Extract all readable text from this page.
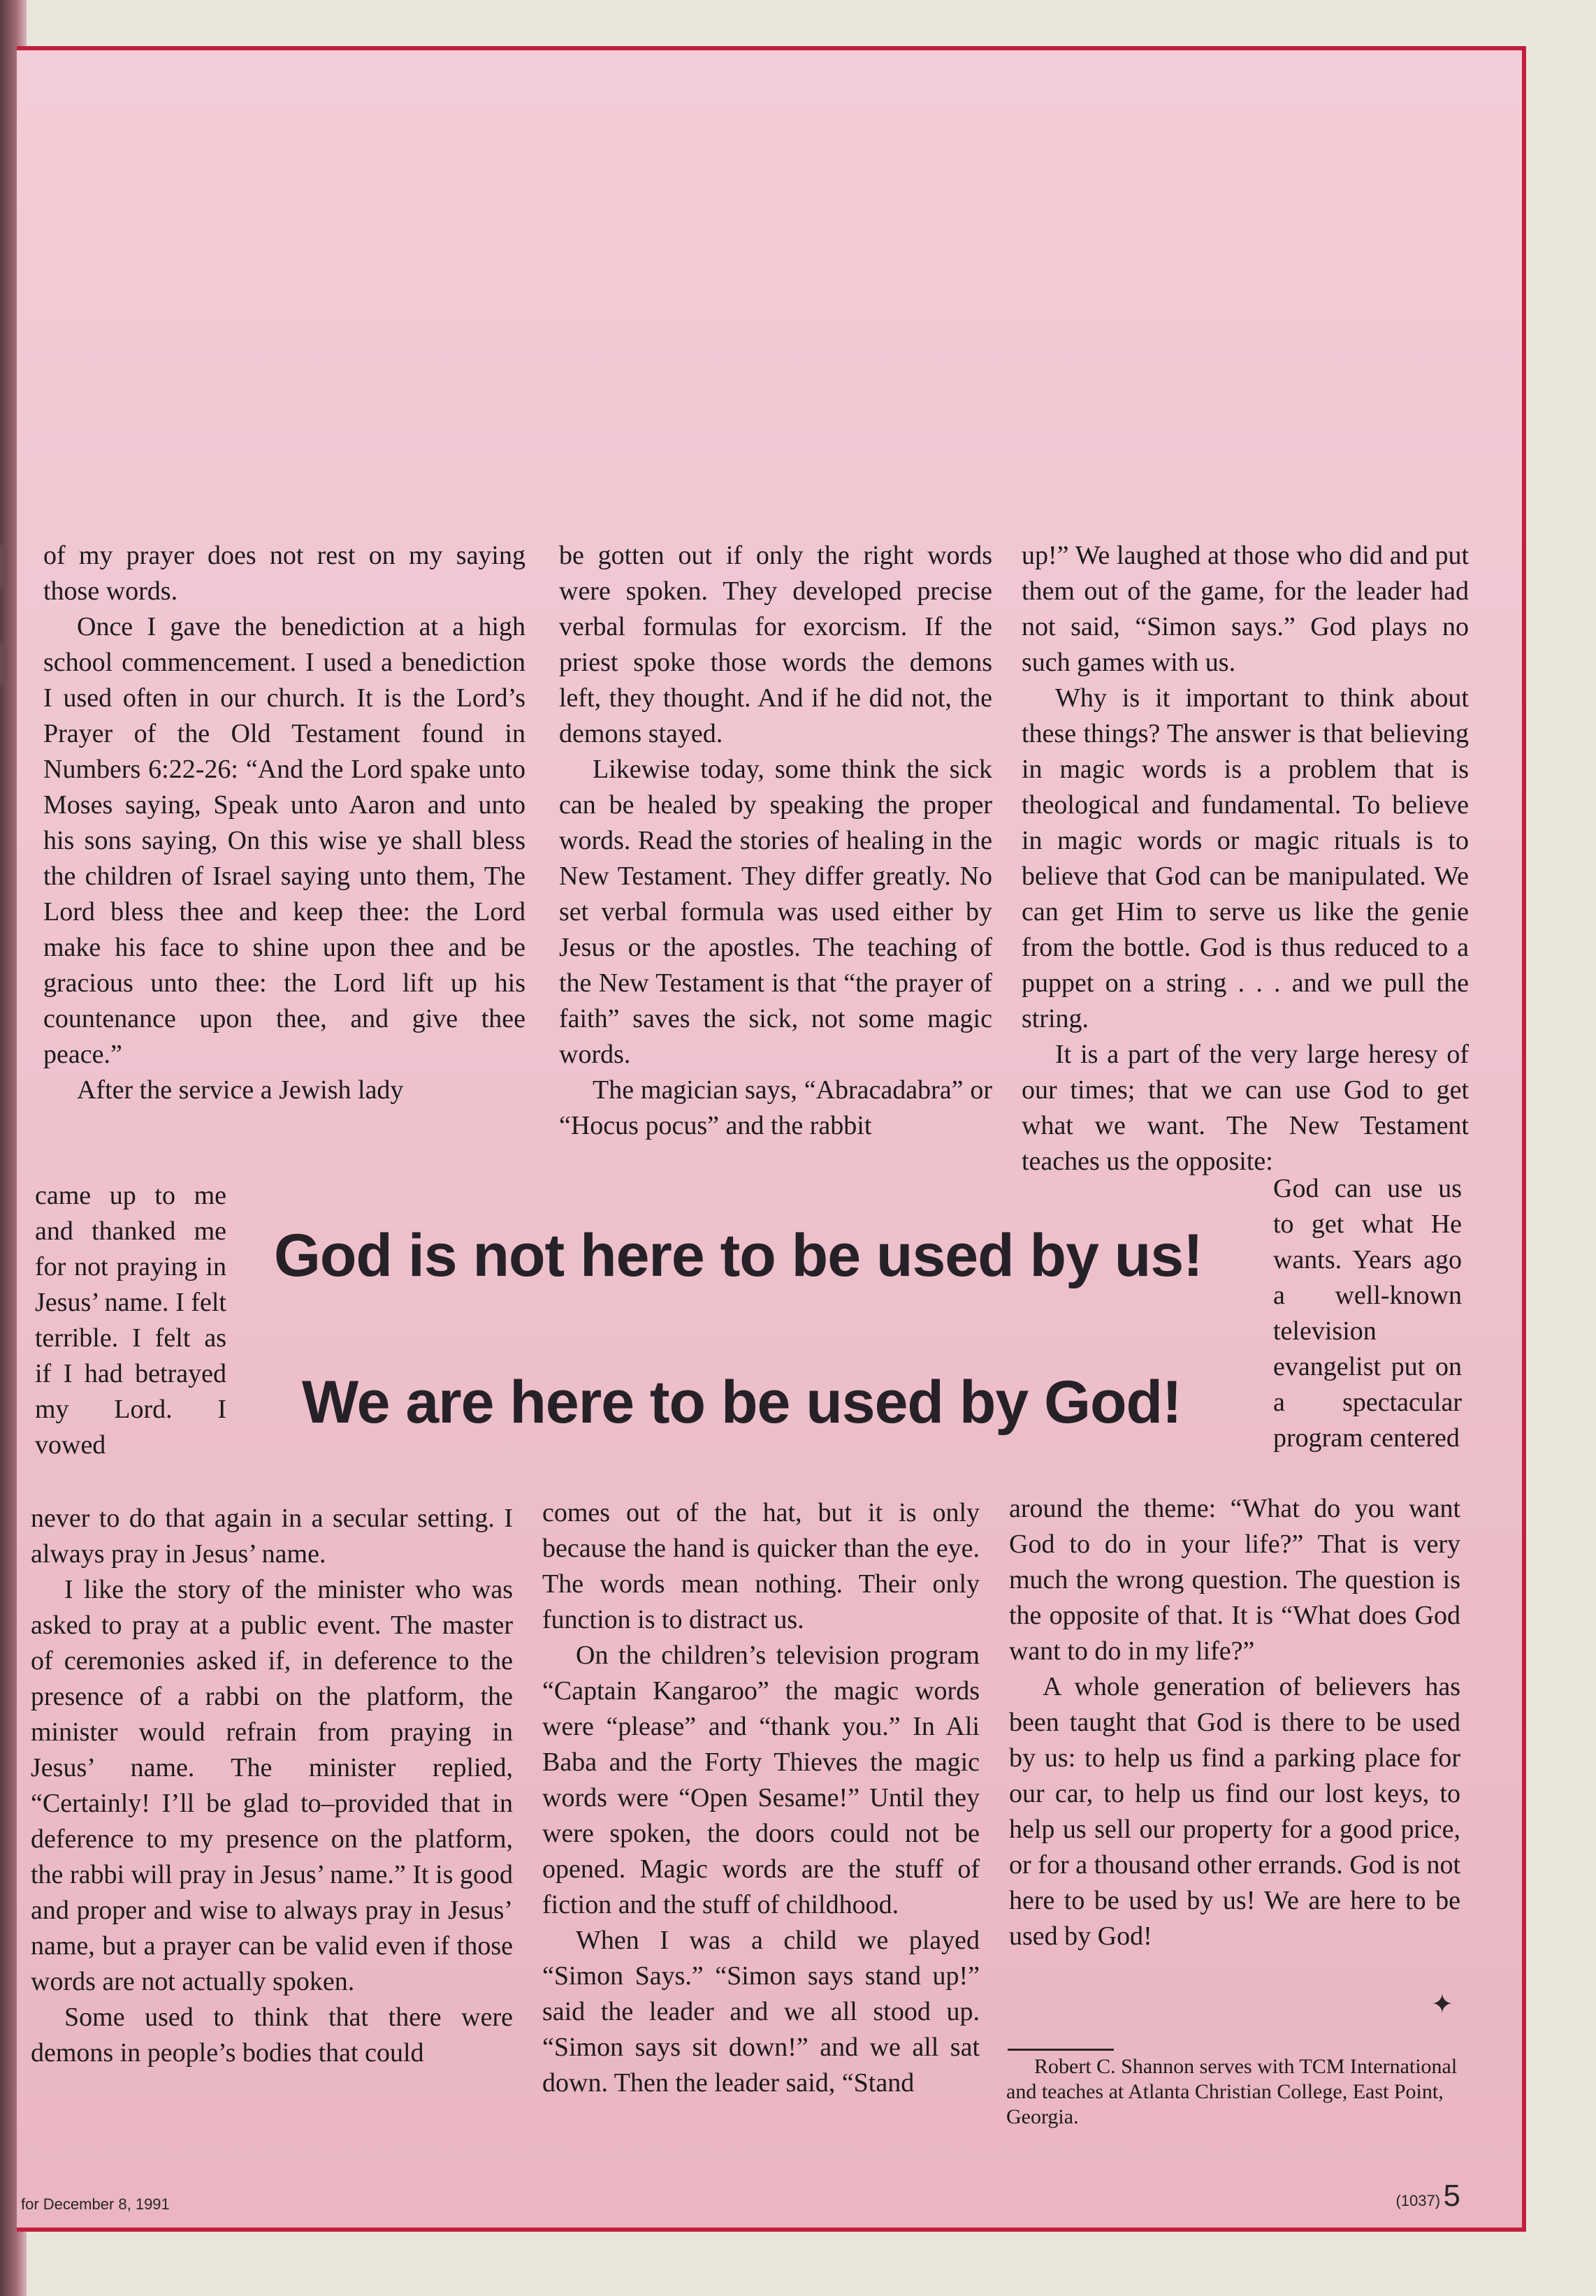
of my prayer does not rest on my saying those words.

Once I gave the benediction at a high school commencement. I used a benediction I used often in our church. It is the Lord’s Prayer of the Old Testament found in Numbers 6:22-26: “And the Lord spake unto Moses saying, Speak unto Aaron and unto his sons saying, On this wise ye shall bless the children of Israel saying unto them, The Lord bless thee and keep thee: the Lord make his face to shine upon thee and be gracious unto thee: the Lord lift up his countenance upon thee, and give thee peace.”

After the service a Jewish lady

came up to me and thanked me for not praying in Jesus’ name. I felt terrible. I felt as if I had betrayed my Lord. I vowed

never to do that again in a secular setting. I always pray in Jesus’ name.

I like the story of the minister who was asked to pray at a public event. The master of ceremonies asked if, in deference to the presence of a rabbi on the platform, the minister would refrain from praying in Jesus’ name. The minister replied, “Certainly! I’ll be glad to–provided that in deference to my presence on the platform, the rabbi will pray in Jesus’ name.” It is good and proper and wise to always pray in Jesus’ name, but a prayer can be valid even if those words are not actually spoken.

Some used to think that there were demons in people’s bodies that could

be gotten out if only the right words were spoken. They developed precise verbal formulas for exorcism. If the priest spoke those words the demons left, they thought. And if he did not, the demons stayed.

Likewise today, some think the sick can be healed by speaking the proper words. Read the stories of healing in the New Testament. They differ greatly. No set verbal formula was used either by Jesus or the apostles. The teaching of the New Testament is that “the prayer of faith” saves the sick, not some magic words.

The magician says, “Abracadabra” or “Hocus pocus” and the rabbit

comes out of the hat, but it is only because the hand is quicker than the eye. The words mean nothing. Their only function is to distract us.

On the children’s television program “Captain Kangaroo” the magic words were “please” and “thank you.” In Ali Baba and the Forty Thieves the magic words were “Open Sesame!” Until they were spoken, the doors could not be opened. Magic words are the stuff of fiction and the stuff of childhood.

When I was a child we played “Simon Says.” “Simon says stand up!” said the leader and we all stood up. “Simon says sit down!” and we all sat down. Then the leader said, “Stand

up!” We laughed at those who did and put them out of the game, for the leader had not said, “Simon says.” God plays no such games with us.

Why is it important to think about these things? The answer is that believing in magic words is a problem that is theological and fundamental. To believe in magic words or magic rituals is to believe that God can be manipulated. We can get Him to serve us like the genie from the bottle. God is thus reduced to a puppet on a string . . . and we pull the string.

It is a part of the very large heresy of our times; that we can use God to get what we want. The New Testament teaches us the opposite:

God can use us to get what He wants. Years ago a well-known television evangelist put on a spectacular program centered

around the theme: “What do you want God to do in your life?” That is very much the wrong question. The question is the opposite of that. It is “What does God want to do in my life?”

A whole generation of believers has been taught that God is there to be used by us: to help us find a parking place for our car, to help us find our lost keys, to help us sell our property for a good price, or for a thousand other errands. God is not here to be used by us! We are here to be used by God!

✦
God is not here to be used by us!
We are here to be used by God!
Robert C. Shannon serves with TCM International and teaches at Atlanta Christian College, East Point, Georgia.
for December 8, 1991	(1037) 5
